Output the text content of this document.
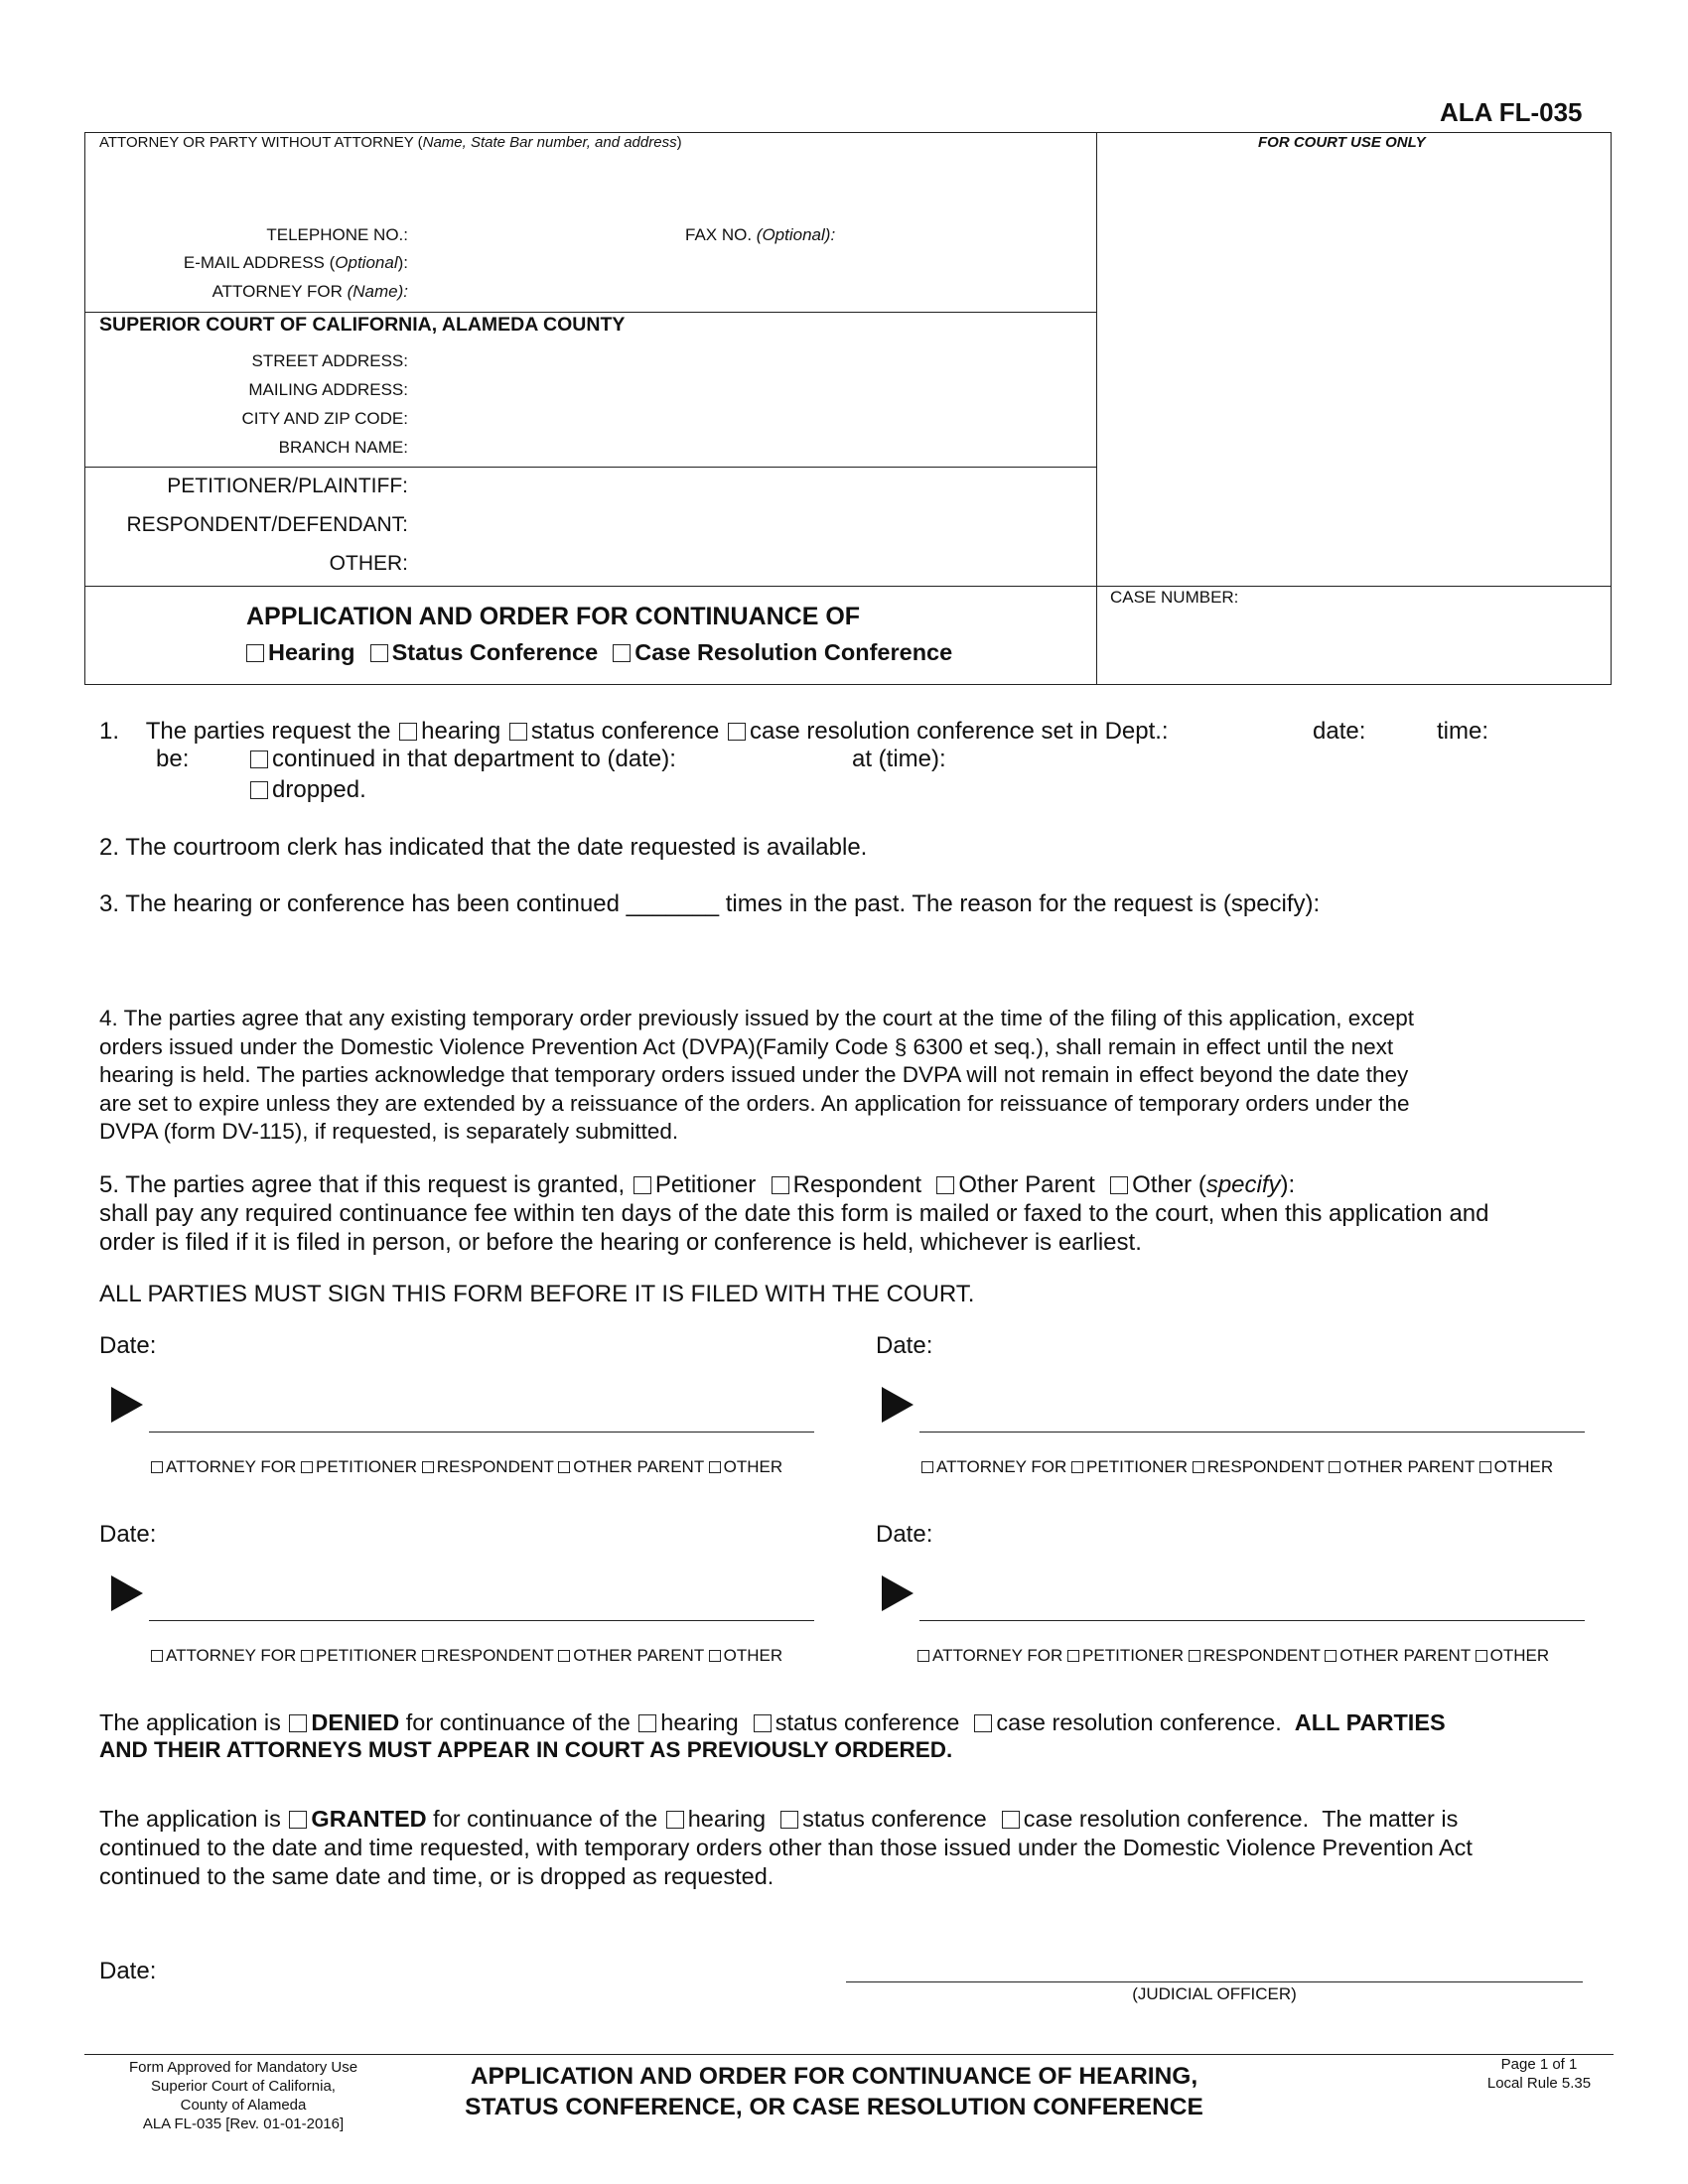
ALA FL-035
ATTORNEY OR PARTY WITHOUT ATTORNEY (Name, State Bar number, and address)	FOR COURT USE ONLY
TELEPHONE NO.:	FAX NO. (Optional):
E-MAIL ADDRESS (Optional):
ATTORNEY FOR (Name):
SUPERIOR COURT OF CALIFORNIA, ALAMEDA COUNTY
STREET ADDRESS:
MAILING ADDRESS:
CITY AND ZIP CODE:
BRANCH NAME:
PETITIONER/PLAINTIFF:
RESPONDENT/DEFENDANT:
OTHER:
APPLICATION AND ORDER FOR CONTINUANCE OF
Hearing Status Conference Case Resolution Conference
CASE NUMBER:
1. The parties request the hearing status conference case resolution conference set in Dept.:	date:	time:
be:	continued in that department to (date):	at (time):
dropped.
2. The courtroom clerk has indicated that the date requested is available.
3. The hearing or conference has been continued _______ times in the past. The reason for the request is (specify):
4. The parties agree that any existing temporary order previously issued by the court at the time of the filing of this application, except
orders issued under the Domestic Violence Prevention Act (DVPA)(Family Code § 6300 et seq.), shall remain in effect until the next
hearing is held. The parties acknowledge that temporary orders issued under the DVPA will not remain in effect beyond the date they
are set to expire unless they are extended by a reissuance of the orders. An application for reissuance of temporary orders under the
DVPA (form DV-115), if requested, is separately submitted.
5. The parties agree that if this request is granted, Petitioner Respondent Other Parent Other (specify):
shall pay any required continuance fee within ten days of the date this form is mailed or faxed to the court, when this application and
order is filed if it is filed in person, or before the hearing or conference is held, whichever is earliest.
ALL PARTIES MUST SIGN THIS FORM BEFORE IT IS FILED WITH THE COURT.
Date:	Date:
ATTORNEY FOR PETITIONER RESPONDENT OTHER PARENT OTHER	ATTORNEY FOR PETITIONER RESPONDENT OTHER PARENT OTHER
Date:	Date:
ATTORNEY FOR PETITIONER RESPONDENT OTHER PARENT OTHER	ATTORNEY FOR PETITIONER RESPONDENT OTHER PARENT OTHER
The application is DENIED for continuance of the hearing status conference case resolution conference. ALL PARTIES
AND THEIR ATTORNEYS MUST APPEAR IN COURT AS PREVIOUSLY ORDERED.
The application is GRANTED for continuance of the hearing status conference case resolution conference. The matter is
continued to the date and time requested, with temporary orders other than those issued under the Domestic Violence Prevention Act
continued to the same date and time, or is dropped as requested.
Date:
(JUDICIAL OFFICER)
Form Approved for Mandatory Use
Superior Court of California,
County of Alameda
ALA FL-035 [Rev. 01-01-2016]
APPLICATION AND ORDER FOR CONTINUANCE OF HEARING,
STATUS CONFERENCE, OR CASE RESOLUTION CONFERENCE
Page 1 of 1
Local Rule 5.35
